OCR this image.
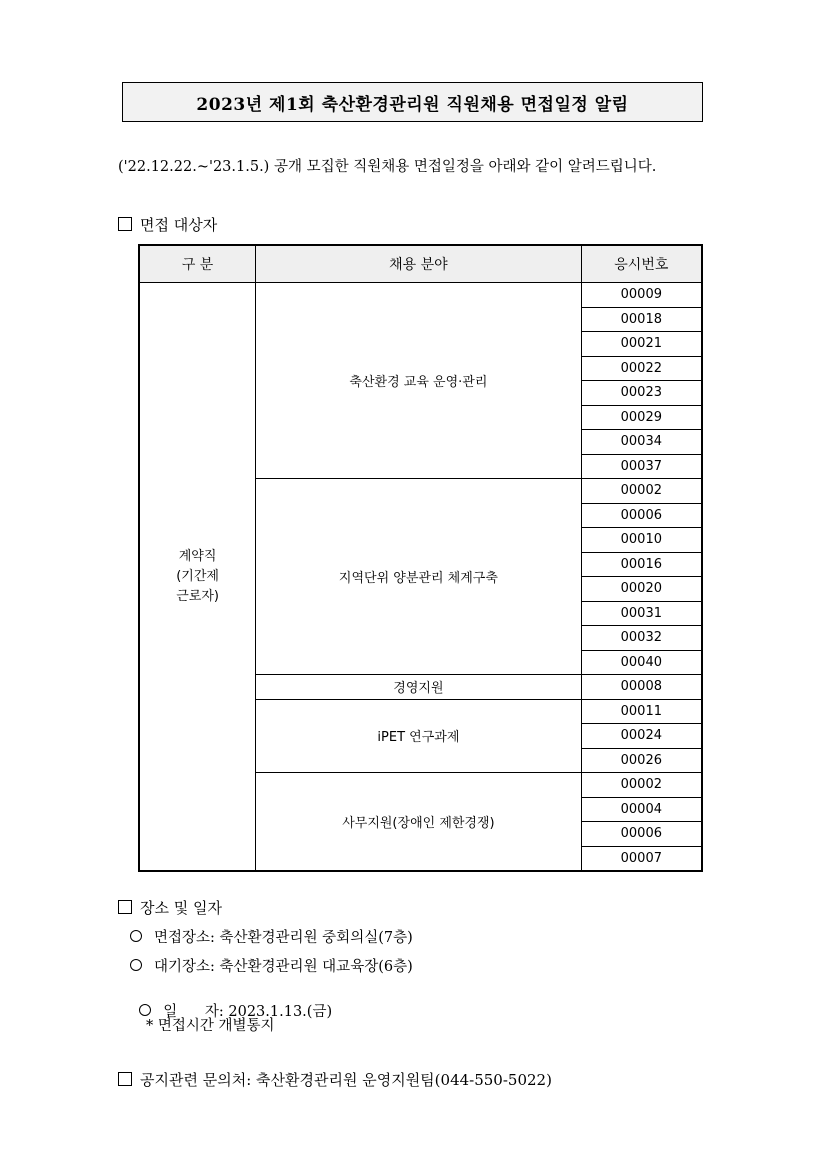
2023년 제1회 축산환경관리원 직원채용 면접일정 알림
('22.12.22.~'23.1.5.) 공개 모집한 직원채용 면접일정을 아래와 같이 알려드립니다.
면접 대상자
구 분	채용 분야	응시번호

계약직
(기간제
근로자)	축산환경 교육 운영·관리	00009
		00018
		00021
		00022
		00023
		00029
		00034
		00037
	지역단위 양분관리 체계구축	00002
		00006
		00010
		00016
		00020
		00031
		00032
		00040
	경영지원	00008
	iPET 연구과제	00011
		00024
		00026
	사무지원(장애인 제한경쟁)	00002
		00004
		00006
		00007
장소 및 일자
면접장소: 축산환경관리원 중회의실(7층)
대기장소: 축산환경관리원 대교육장(6층)

일      자: 2023.1.13.(금)

* 면접시간 개별통지
공지관련 문의처: 축산환경관리원 운영지원팀(044-550-5022)
